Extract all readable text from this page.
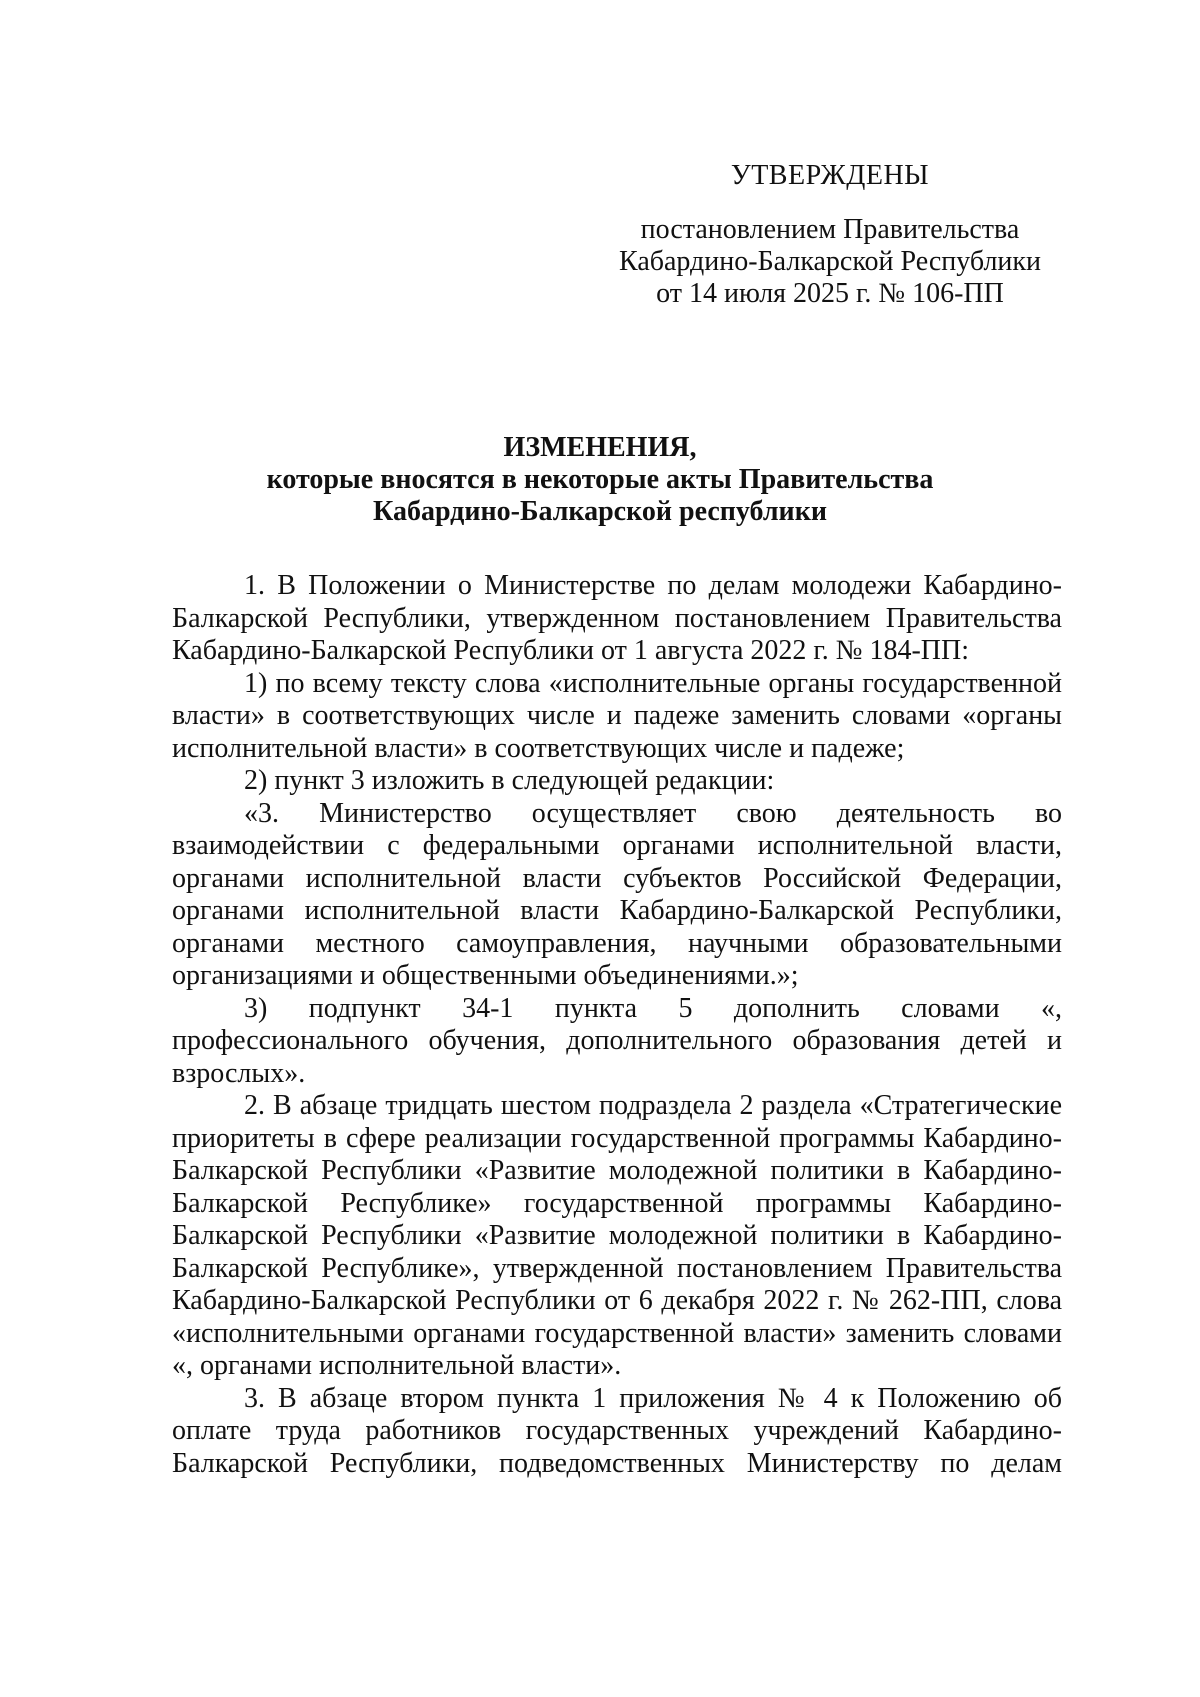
УТВЕРЖДЕНЫ
постановлением Правительства
Кабардино-Балкарской Республики
от 14 июля 2025 г. № 106-ПП
ИЗМЕНЕНИЯ,
которые вносятся в некоторые акты Правительства
Кабардино-Балкарской республики

1. В Положении о Министерстве по делам молодежи Кабардино-Балкарской Республики, утвержденном постановлением Правительства Кабардино-Балкарской Республики от 1 августа 2022 г. № 184-ПП:

1) по всему тексту слова «исполнительные органы государственной власти» в соответствующих числе и падеже заменить словами «органы исполнительной власти» в соответствующих числе и падеже;

2) пункт 3 изложить в следующей редакции:

«3. Министерство осуществляет свою деятельность во взаимодействии с федеральными органами исполнительной власти, органами исполнительной власти субъектов Российской Федерации, органами исполнительной власти Кабардино-Балкарской Республики, органами местного самоуправления, научными образовательными организациями и общественными объединениями.»;

3) подпункт 34-1 пункта 5 дополнить словами «, профессионального обучения, дополнительного образования детей и взрослых».

2. В абзаце тридцать шестом подраздела 2 раздела «Стратегические приоритеты в сфере реализации государственной программы Кабардино-Балкарской Республики «Развитие молодежной политики в Кабардино-Балкарской Республике» государственной программы Кабардино-Балкарской Республики «Развитие молодежной политики в Кабардино-Балкарской Республике», утвержденной постановлением Правительства Кабардино-Балкарской Республики от 6 декабря 2022 г. № 262-ПП, слова «исполнительными органами государственной власти» заменить словами «, органами исполнительной власти».

3. В абзаце втором пункта 1 приложения № 4 к Положению об оплате труда работников государственных учреждений Кабардино-Балкарской Республики, подведомственных Министерству по делам
